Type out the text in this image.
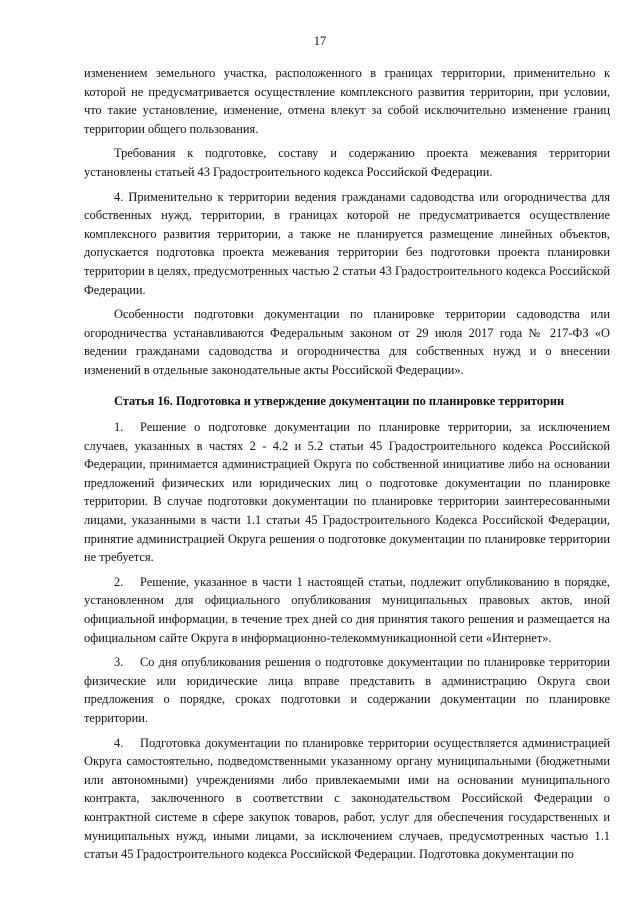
17

изменением земельного участка, расположенного в границах территории, применительно к которой не предусматривается осуществление комплексного развития территории, при условии, что такие установление, изменение, отмена влекут за собой исключительно изменение границ территории общего пользования.

Требования к подготовке, составу и содержанию проекта межевания территории установлены статьей 43 Градостроительного кодекса Российской Федерации.

4. Применительно к территории ведения гражданами садоводства или огородничества для собственных нужд, территории, в границах которой не предусматривается осуществление комплексного развития территории, а также не планируется размещение линейных объектов, допускается подготовка проекта межевания территории без подготовки проекта планировки территории в целях, предусмотренных частью 2 статьи 43 Градостроительного кодекса Российской Федерации.

Особенности подготовки документации по планировке территории садоводства или огородничества устанавливаются Федеральным законом от 29 июля 2017 года № 217-ФЗ «О ведении гражданами садоводства и огородничества для собственных нужд и о внесении изменений в отдельные законодательные акты Российской Федерации».

Статья 16. Подготовка и утверждение документации по планировке территории

1. Решение о подготовке документации по планировке территории, за исключением случаев, указанных в частях 2 - 4.2 и 5.2 статьи 45 Градостроительного кодекса Российской Федерации, принимается администрацией Округа по собственной инициативе либо на основании предложений физических или юридических лиц о подготовке документации по планировке территории. В случае подготовки документации по планировке территории заинтересованными лицами, указанными в части 1.1 статьи 45 Градостроительного Кодекса Российской Федерации, принятие администрацией Округа решения о подготовке документации по планировке территории не требуется.

2. Решение, указанное в части 1 настоящей статьи, подлежит опубликованию в порядке, установленном для официального опубликования муниципальных правовых актов, иной официальной информации, в течение трех дней со дня принятия такого решения и размещается на официальном сайте Округа в информационно-телекоммуникационной сети «Интернет».

3. Со дня опубликования решения о подготовке документации по планировке территории физические или юридические лица вправе представить в администрацию Округа свои предложения о порядке, сроках подготовки и содержании документации по планировке территории.

4. Подготовка документации по планировке территории осуществляется администрацией Округа самостоятельно, подведомственными указанному органу муниципальными (бюджетными или автономными) учреждениями либо привлекаемыми ими на основании муниципального контракта, заключенного в соответствии с законодательством Российской Федерации о контрактной системе в сфере закупок товаров, работ, услуг для обеспечения государственных и муниципальных нужд, иными лицами, за исключением случаев, предусмотренных частью 1.1 статьи 45 Градостроительного кодекса Российской Федерации. Подготовка документации по
